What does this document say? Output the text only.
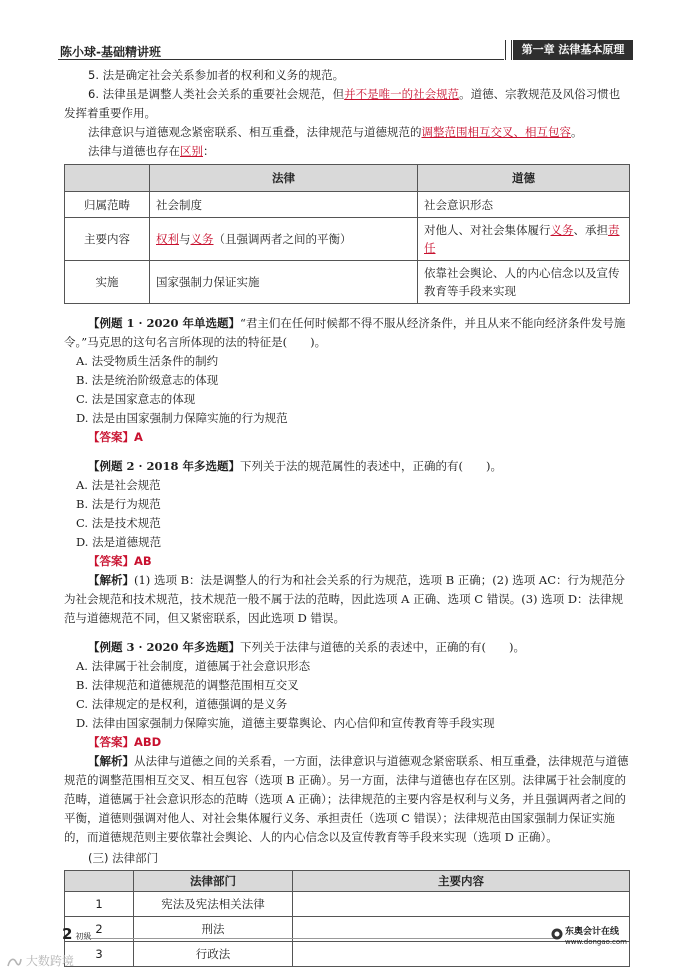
陈小球-基础精讲班	第一章 法律基本原理

5. 法是确定社会关系参加者的权利和义务的规范。

6. 法律虽是调整人类社会关系的重要社会规范，但并不是唯一的社会规范。道德、宗教规范及风俗习惯也发挥着重要作用。

法律意识与道德观念紧密联系、相互重叠，法律规范与道德规范的调整范围相互交叉、相互包容。

法律与道德也存在区别：

	法律	道德
归属范畴	社会制度	社会意识形态
主要内容	权利与义务（且强调两者之间的平衡）	对他人、对社会集体履行义务、承担责任
实施	国家强制力保证实施	依靠社会舆论、人的内心信念以及宣传教育等手段来实现

【例题 1 · 2020 年单选题】“君主们在任何时候都不得不服从经济条件，并且从来不能向经济条件发号施令。”马克思的这句名言所体现的法的特征是(　　)。

A. 法受物质生活条件的制约

B. 法是统治阶级意志的体现

C. 法是国家意志的体现

D. 法是由国家强制力保障实施的行为规范

【答案】A

【例题 2 · 2018 年多选题】下列关于法的规范属性的表述中，正确的有(　　)。

A. 法是社会规范

B. 法是行为规范

C. 法是技术规范

D. 法是道德规范

【答案】AB

【解析】(1) 选项 B：法是调整人的行为和社会关系的行为规范，选项 B 正确；(2) 选项 AC：行为规范分为社会规范和技术规范，技术规范一般不属于法的范畴，因此选项 A 正确、选项 C 错误。(3) 选项 D：法律规范与道德规范不同，但又紧密联系，因此选项 D 错误。

【例题 3 · 2020 年多选题】下列关于法律与道德的关系的表述中，正确的有(　　)。

A. 法律属于社会制度，道德属于社会意识形态

B. 法律规范和道德规范的调整范围相互交叉

C. 法律规定的是权利，道德强调的是义务

D. 法律由国家强制力保障实施，道德主要靠舆论、内心信仰和宣传教育等手段实现

【答案】ABD

【解析】从法律与道德之间的关系看，一方面，法律意识与道德观念紧密联系、相互重叠，法律规范与道德规范的调整范围相互交叉、相互包容（选项 B 正确）。另一方面，法律与道德也存在区别。法律属于社会制度的范畴，道德属于社会意识形态的范畴（选项 A 正确）；法律规范的主要内容是权利与义务，并且强调两者之间的平衡，道德则强调对他人、对社会集体履行义务、承担责任（选项 C 错误）；法律规范由国家强制力保证实施的，而道德规范则主要依靠社会舆论、人的内心信念以及宣传教育等手段来实现（选项 D 正确）。

(三) 法律部门

	法律部门	主要内容
1	宪法及宪法相关法律	
2	刑法	
3	行政法	
2 初級	东奥会计在线
www.dongao.com
大数跨境
